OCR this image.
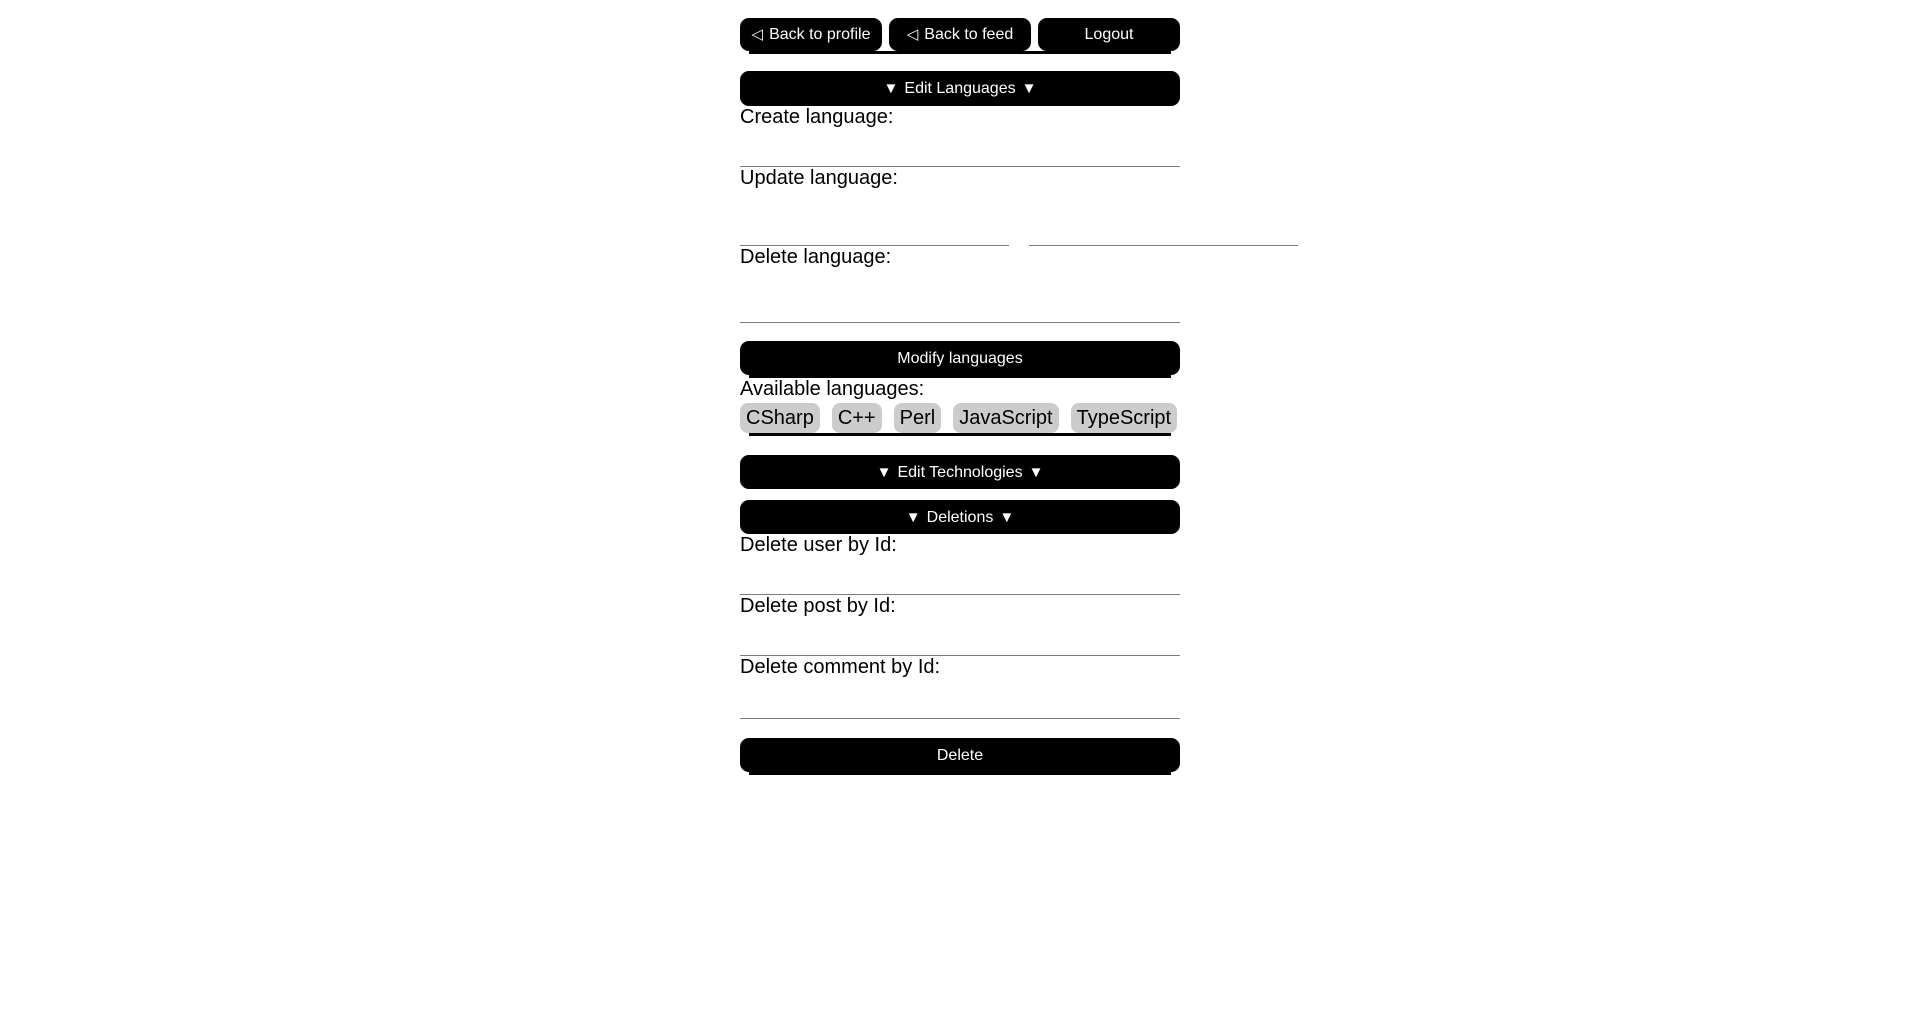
◁ Back to profile ◁ Back to feed	Logout
▼ Edit Languages ▼
Create language:
Update language:
Delete language:
Modify languages
Available languages:
CSharp	C++	Perl	JavaScript	TypeScript
▼ Edit Technologies ▼

▼ Deletions ▼
Delete user by Id:
Delete post by Id:
Delete comment by Id:
Delete
